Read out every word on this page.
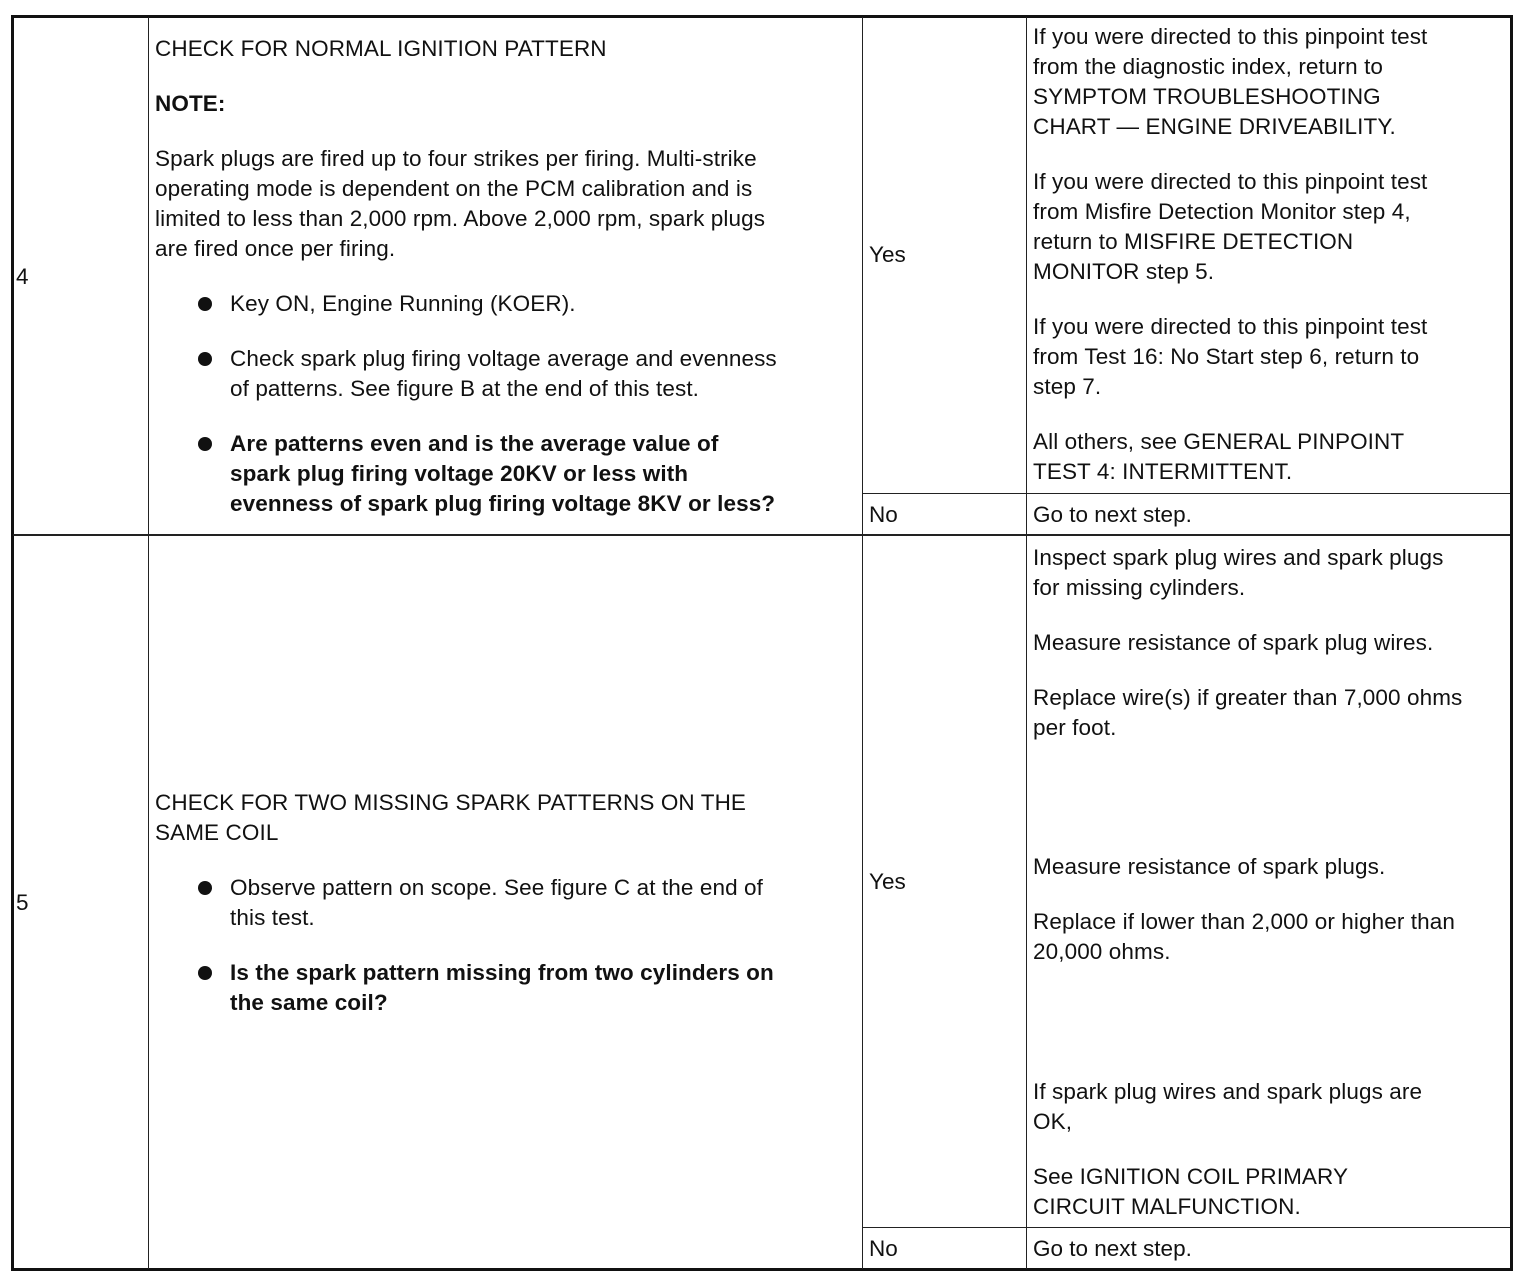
4

CHECK FOR NORMAL IGNITION PATTERN

NOTE:

Spark plugs are fired up to four strikes per firing. Multi-strike
operating mode is dependent on the PCM calibration and is
limited to less than 2,000 rpm. Above 2,000 rpm, spark plugs
are fired once per firing.

Key ON, Engine Running (KOER).
Check spark plug firing voltage average and evenness
of patterns. See figure B at the end of this test.
Are patterns even and is the average value of
spark plug firing voltage 20KV or less with
evenness of spark plug firing voltage 8KV or less?
Yes

If you were directed to this pinpoint test
from the diagnostic index, return to
SYMPTOM TROUBLESHOOTING
CHART — ENGINE DRIVEABILITY.

If you were directed to this pinpoint test
from Misfire Detection Monitor step 4,
return to MISFIRE DETECTION
MONITOR step 5.

If you were directed to this pinpoint test
from Test 16: No Start step 6, return to
step 7.

All others, see GENERAL PINPOINT
TEST 4: INTERMITTENT.

No	Go to next step.
5

CHECK FOR TWO MISSING SPARK PATTERNS ON THE
SAME COIL

Observe pattern on scope. See figure C at the end of
this test.
Is the spark pattern missing from two cylinders on
the same coil?
Yes

Inspect spark plug wires and spark plugs
for missing cylinders.

Measure resistance of spark plug wires.

Replace wire(s) if greater than 7,000 ohms
per foot.

Measure resistance of spark plugs.

Replace if lower than 2,000 or higher than
20,000 ohms.

If spark plug wires and spark plugs are
OK,

See IGNITION COIL PRIMARY
CIRCUIT MALFUNCTION.

No	Go to next step.
